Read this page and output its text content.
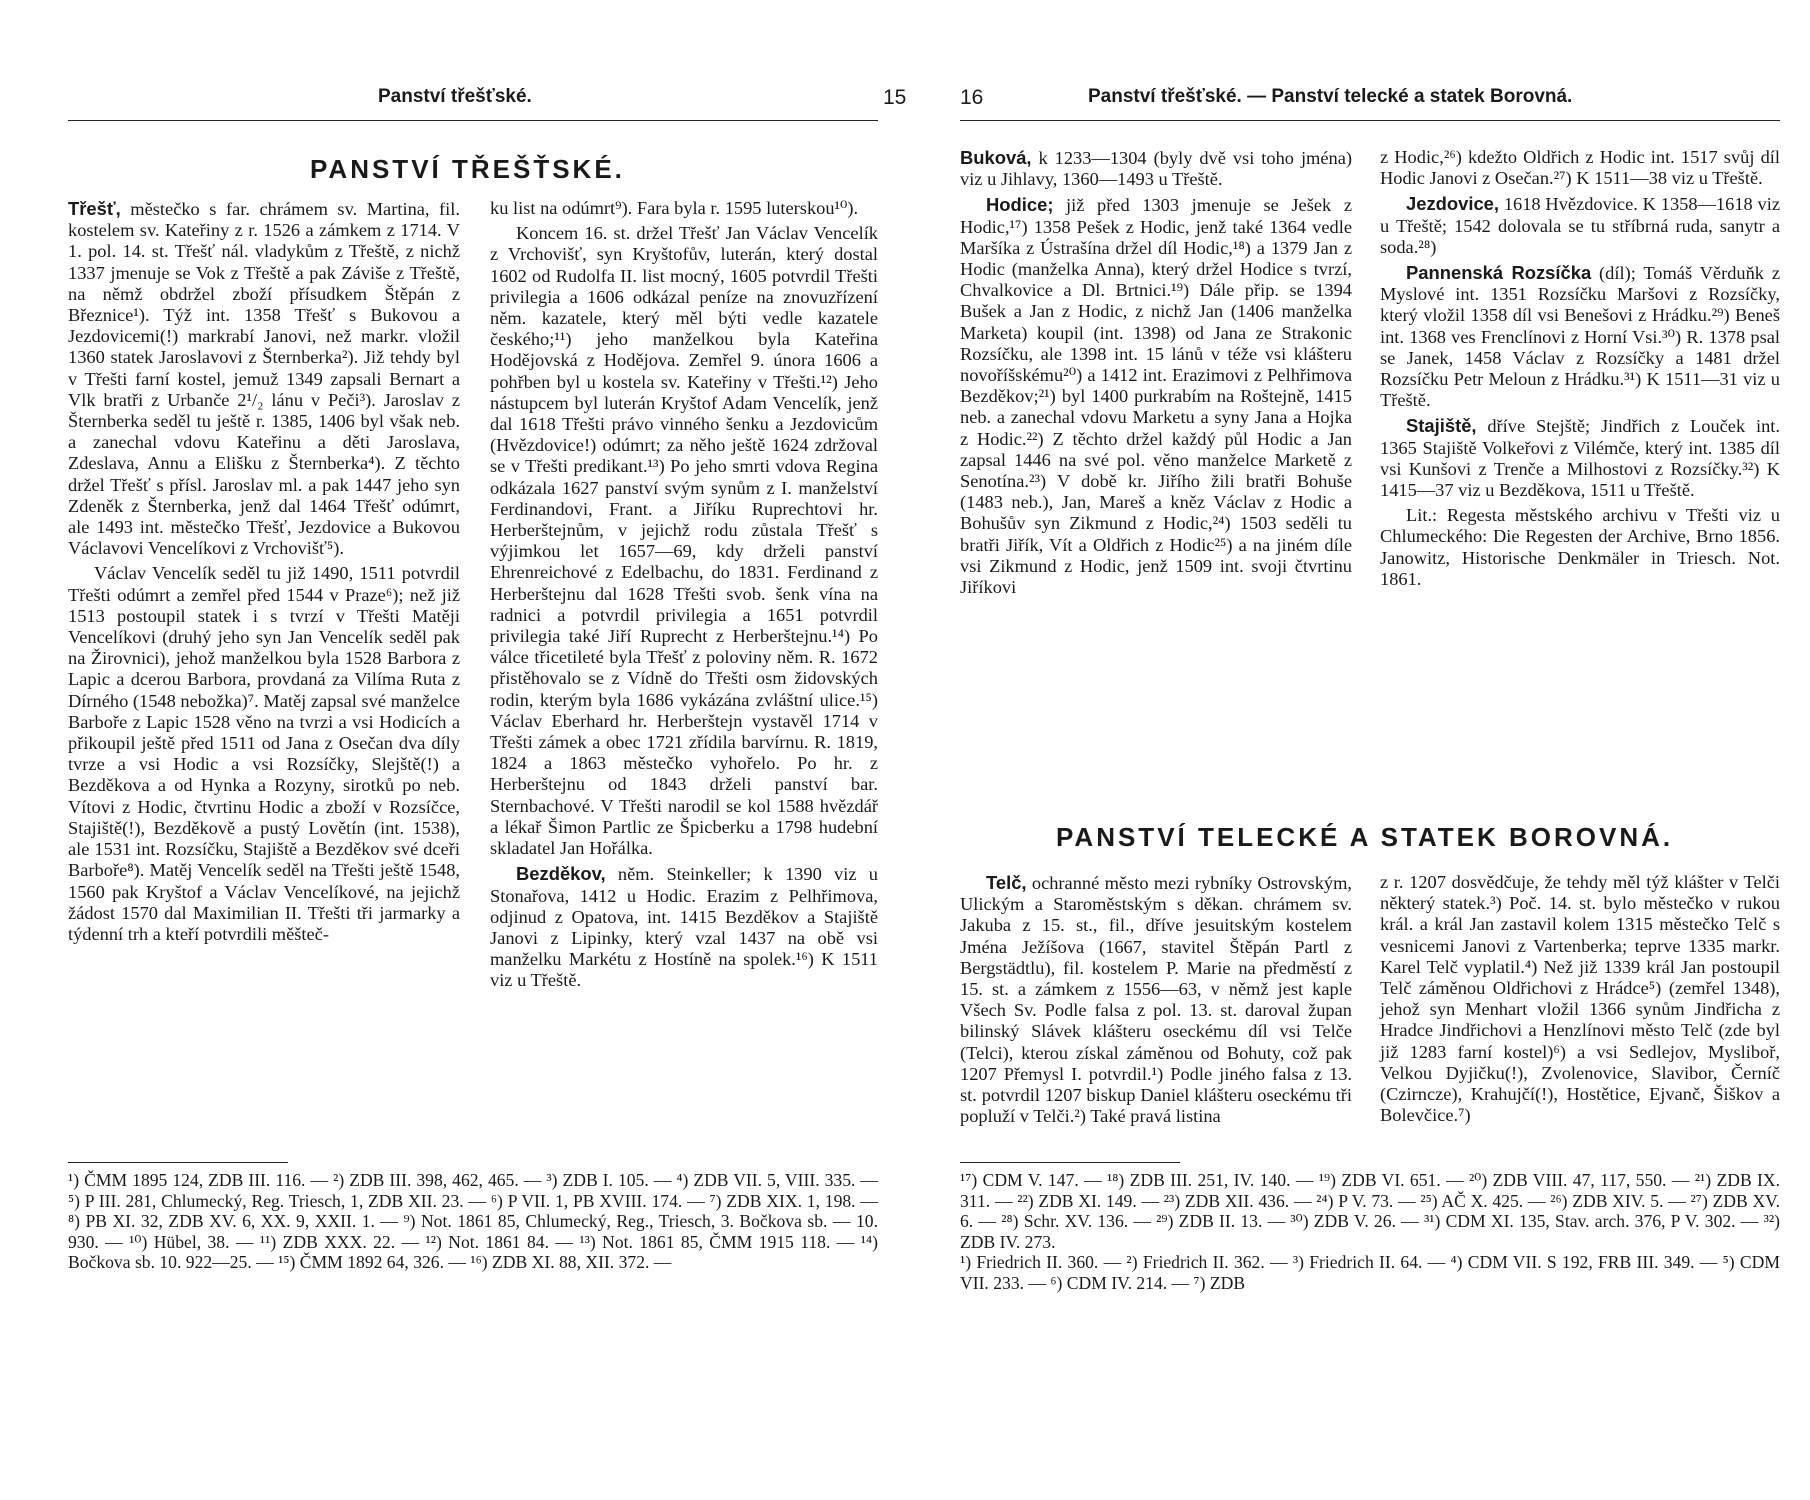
Panství třešťské.	15
PANSTVÍ TŘEŠŤSKÉ.

Třešť, městečko s far. chrámem sv. Martina, fil. kostelem sv. Kateřiny z r. 1526 a zámkem z 1714. V 1. pol. 14. st. Třešť nál. vladykům z Třeště, z nichž 1337 jmenuje se Vok z Třeště a pak Záviše z Třeště, na němž obdržel zboží přísudkem Štěpán z Březnice¹). Týž int. 1358 Třešť s Bukovou a Jezdovicemi(!) markrabí Janovi, než markr. vložil 1360 statek Jaroslavovi z Šternberka²). Již tehdy byl v Třešti farní kostel, jemuž 1349 zapsali Bernart a Vlk bratři z Urbanče 2¹/₂ lánu v Peči³). Jaroslav z Šternberka seděl tu ještě r. 1385, 1406 byl však neb. a zanechal vdovu Kateřinu a děti Jaroslava, Zdeslava, Annu a Elišku z Šternberka⁴). Z těchto držel Třešť s přísl. Jaroslav ml. a pak 1447 jeho syn Zdeněk z Šternberka, jenž dal 1464 Třešť odúmrt, ale 1493 int. městečko Třešť, Jezdovice a Bukovou Václavovi Vencelíkovi z Vrchovišť⁵).

Václav Vencelík seděl tu již 1490, 1511 potvrdil Třešti odúmrt a zemřel před 1544 v Praze⁶); než již 1513 postoupil statek i s tvrzí v Třešti Matěji Vencelíkovi (druhý jeho syn Jan Vencelík seděl pak na Žirovnici), jehož manželkou byla 1528 Barbora z Lapic a dcerou Barbora, provdaná za Vilíma Ruta z Dírného (1548 nebožka)⁷. Matěj zapsal své manželce Barboře z Lapic 1528 věno na tvrzi a vsi Hodicích a přikoupil ještě před 1511 od Jana z Osečan dva díly tvrze a vsi Hodic a vsi Rozsíčky, Slejště(!) a Bezděkova a od Hynka a Rozyny, sirotků po neb. Vítovi z Hodic, čtvrtinu Hodic a zboží v Rozsíčce, Stajiště(!), Bezděkově a pustý Lovětín (int. 1538), ale 1531 int. Rozsíčku, Stajiště a Bezděkov své dceři Barboře⁸). Matěj Vencelík seděl na Třešti ještě 1548, 1560 pak Kryštof a Václav Vencelíkové, na jejichž žádost 1570 dal Maximilian II. Třešti tři jarmarky a týdenní trh a kteří potvrdili měšteč-

ku list na odúmrt⁹). Fara byla r. 1595 luterskou¹⁰).

Koncem 16. st. držel Třešť Jan Václav Vencelík z Vrchovišť, syn Kryštofův, luterán, který dostal 1602 od Rudolfa II. list mocný, 1605 potvrdil Třešti privilegia a 1606 odkázal peníze na znovuzřízení něm. kazatele, který měl býti vedle kazatele českého;¹¹) jeho manželkou byla Kateřina Hodějovská z Hodějova. Zemřel 9. února 1606 a pohřben byl u kostela sv. Kateřiny v Třešti.¹²) Jeho nástupcem byl luterán Kryštof Adam Vencelík, jenž dal 1618 Třešti právo vinného šenku a Jezdovicům (Hvězdovice!) odúmrt; za něho ještě 1624 zdržoval se v Třešti predikant.¹³) Po jeho smrti vdova Regina odkázala 1627 panství svým synům z I. manželství Ferdinandovi, Frant. a Jiříku Ruprechtovi hr. Herberštejnům, v jejichž rodu zůstala Třešť s výjimkou let 1657—69, kdy drželi panství Ehrenreichové z Edelbachu, do 1831. Ferdinand z Herberštejnu dal 1628 Třešti svob. šenk vína na radnici a potvrdil privilegia a 1651 potvrdil privilegia také Jiří Ruprecht z Herberštejnu.¹⁴) Po válce třicetileté byla Třešť z poloviny něm. R. 1672 přistěhovalo se z Vídně do Třešti osm židovských rodin, kterým byla 1686 vykázána zvláštní ulice.¹⁵) Václav Eberhard hr. Herberštejn vystavěl 1714 v Třešti zámek a obec 1721 zřídila barvírnu. R. 1819, 1824 a 1863 městečko vyhořelo. Po hr. z Herberštejnu od 1843 drželi panství bar. Sternbachové. V Třešti narodil se kol 1588 hvězdář a lékař Šimon Partlic ze Špicberku a 1798 hudební skladatel Jan Hořálka.

Bezděkov, něm. Steinkeller; k 1390 viz u Stonařova, 1412 u Hodic. Erazim z Pelhřimova, odjinud z Opatova, int. 1415 Bezděkov a Stajiště Janovi z Lipinky, který vzal 1437 na obě vsi manželku Markétu z Hostíně na spolek.¹⁶) K 1511 viz u Třeště.

¹) ČMM 1895 124, ZDB III. 116. — ²) ZDB III. 398, 462, 465. — ³) ZDB I. 105. — ⁴) ZDB VII. 5, VIII. 335. — ⁵) P III. 281, Chlumecký, Reg. Triesch, 1, ZDB XII. 23. — ⁶) P VII. 1, PB XVIII. 174. — ⁷) ZDB XIX. 1, 198. — ⁸) PB XI. 32, ZDB XV. 6, XX. 9, XXII. 1. — ⁹) Not. 1861 85, Chlumecký, Reg., Triesch, 3. Bočkova sb. — 10. 930. — ¹⁰) Hübel, 38. — ¹¹) ZDB XXX. 22. — ¹²) Not. 1861 84. — ¹³) Not. 1861 85, ČMM 1915 118. — ¹⁴) Bočkova sb. 10. 922—25. — ¹⁵) ČMM 1892 64, 326. — ¹⁶) ZDB XI. 88, XII. 372. —

16	Panství třešťské. — Panství telecké a statek Borovná.

Buková, k 1233—1304 (byly dvě vsi toho jména) viz u Jihlavy, 1360—1493 u Třeště.

Hodice; již před 1303 jmenuje se Ješek z Hodic,¹⁷) 1358 Pešek z Hodic, jenž také 1364 vedle Maršíka z Ústrašína držel díl Hodic,¹⁸) a 1379 Jan z Hodic (manželka Anna), který držel Hodice s tvrzí, Chvalkovice a Dl. Brtnici.¹⁹) Dále přip. se 1394 Bušek a Jan z Hodic, z nichž Jan (1406 manželka Marketa) koupil (int. 1398) od Jana ze Strakonic Rozsíčku, ale 1398 int. 15 lánů v téže vsi klášteru novoříšskému²⁰) a 1412 int. Erazimovi z Pelhřimova Bezděkov;²¹) byl 1400 purkrabím na Roštejně, 1415 neb. a zanechal vdovu Marketu a syny Jana a Hojka z Hodic.²²) Z těchto držel každý půl Hodic a Jan zapsal 1446 na své pol. věno manželce Marketě z Senotína.²³) V době kr. Jiřího žili bratři Bohuše (1483 neb.), Jan, Mareš a kněz Václav z Hodic a Bohušův syn Zikmund z Hodic,²⁴) 1503 seděli tu bratři Jiřík, Vít a Oldřich z Hodic²⁵) a na jiném díle vsi Zikmund z Hodic, jenž 1509 int. svoji čtvrtinu Jiříkovi

z Hodic,²⁶) kdežto Oldřich z Hodic int. 1517 svůj díl Hodic Janovi z Osečan.²⁷) K 1511—38 viz u Třeště.

Jezdovice, 1618 Hvězdovice. K 1358—1618 viz u Třeště; 1542 dolovala se tu stříbrná ruda, sanytr a soda.²⁸)

Pannenská Rozsíčka (díl); Tomáš Věrduňk z Myslové int. 1351 Rozsíčku Maršovi z Rozsíčky, který vložil 1358 díl vsi Benešovi z Hrádku.²⁹) Beneš int. 1368 ves Frenclínovi z Horní Vsi.³⁰) R. 1378 psal se Janek, 1458 Václav z Rozsíčky a 1481 držel Rozsíčku Petr Meloun z Hrádku.³¹) K 1511—31 viz u Třeště.

Stajiště, dříve Stejště; Jindřich z Louček int. 1365 Stajiště Volkeřovi z Vilémče, který int. 1385 díl vsi Kunšovi z Trenče a Milhostovi z Rozsíčky.³²) K 1415—37 viz u Bezděkova, 1511 u Třeště.

Lit.: Regesta městského archivu v Třešti viz u Chlumeckého: Die Regesten der Archive, Brno 1856. Janowitz, Historische Denkmäler in Triesch. Not. 1861.

PANSTVÍ TELECKÉ A STATEK BOROVNÁ.

Telč, ochranné město mezi rybníky Ostrovským, Ulickým a Staroměstským s děkan. chrámem sv. Jakuba z 15. st., fil., dříve jesuitským kostelem Jména Ježíšova (1667, stavitel Štěpán Partl z Bergstädtlu), fil. kostelem P. Marie na předměstí z 15. st. a zámkem z 1556—63, v němž jest kaple Všech Sv. Podle falsa z pol. 13. st. daroval župan bilinský Slávek klášteru oseckému díl vsi Telče (Telci), kterou získal záměnou od Bohuty, což pak 1207 Přemysl I. potvrdil.¹) Podle jiného falsa z 13. st. potvrdil 1207 biskup Daniel klášteru oseckému tři popluží v Telči.²) Také pravá listina

z r. 1207 dosvědčuje, že tehdy měl týž klášter v Telči některý statek.³) Poč. 14. st. bylo městečko v rukou král. a král Jan zastavil kolem 1315 městečko Telč s vesnicemi Janovi z Vartenberka; teprve 1335 markr. Karel Telč vyplatil.⁴) Než již 1339 král Jan postoupil Telč záměnou Oldřichovi z Hrádce⁵) (zemřel 1348), jehož syn Menhart vložil 1366 synům Jindřicha z Hradce Jindřichovi a Henzlínovi město Telč (zde byl již 1283 farní kostel)⁶) a vsi Sedlejov, Mysliboř, Velkou Dyjičku(!), Zvolenovice, Slavibor, Černíč (Czirncze), Krahujčí(!), Hostětice, Ejvanč, Šiškov a Bolevčice.⁷)

¹⁷) CDM V. 147. — ¹⁸) ZDB III. 251, IV. 140. — ¹⁹) ZDB VI. 651. — ²⁰) ZDB VIII. 47, 117, 550. — ²¹) ZDB IX. 311. — ²²) ZDB XI. 149. — ²³) ZDB XII. 436. — ²⁴) P V. 73. — ²⁵) AČ X. 425. — ²⁶) ZDB XIV. 5. — ²⁷) ZDB XV. 6. — ²⁸) Schr. XV. 136. — ²⁹) ZDB II. 13. — ³⁰) ZDB V. 26. — ³¹) CDM XI. 135, Stav. arch. 376, P V. 302. — ³²) ZDB IV. 273.

¹) Friedrich II. 360. — ²) Friedrich II. 362. — ³) Friedrich II. 64. — ⁴) CDM VII. S 192, FRB III. 349. — ⁵) CDM VII. 233. — ⁶) CDM IV. 214. — ⁷) ZDB
